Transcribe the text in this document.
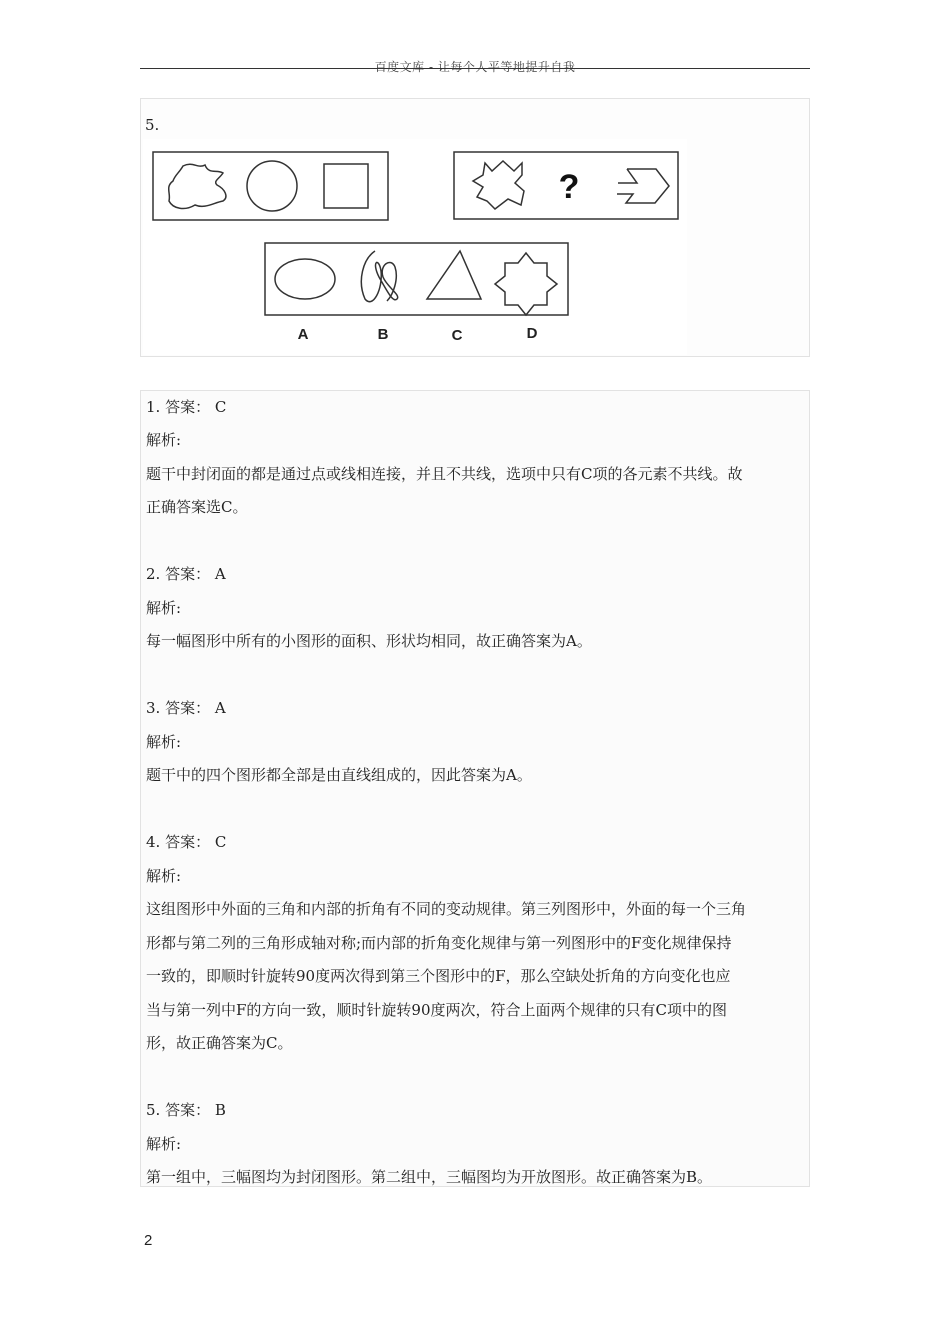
百度文库 - 让每个人平等地提升自我
5.
?
A	B	C	D
1. 答案： C
解析:
题干中封闭面的都是通过点或线相连接，并且不共线，选项中只有C项的各元素不共线。故
正确答案选C。
2. 答案： A
解析:
每一幅图形中所有的小图形的面积、形状均相同，故正确答案为A。
3. 答案： A
解析:
题干中的四个图形都全部是由直线组成的，因此答案为A。
4. 答案： C
解析:
这组图形中外面的三角和内部的折角有不同的变动规律。第三列图形中，外面的每一个三角
形都与第二列的三角形成轴对称;而内部的折角变化规律与第一列图形中的F变化规律保持
一致的，即顺时针旋转90度两次得到第三个图形中的F，那么空缺处折角的方向变化也应
当与第一列中F的方向一致，顺时针旋转90度两次，符合上面两个规律的只有C项中的图
形，故正确答案为C。
5. 答案： B
解析:
第一组中，三幅图均为封闭图形。第二组中，三幅图均为开放图形。故正确答案为B。
2
